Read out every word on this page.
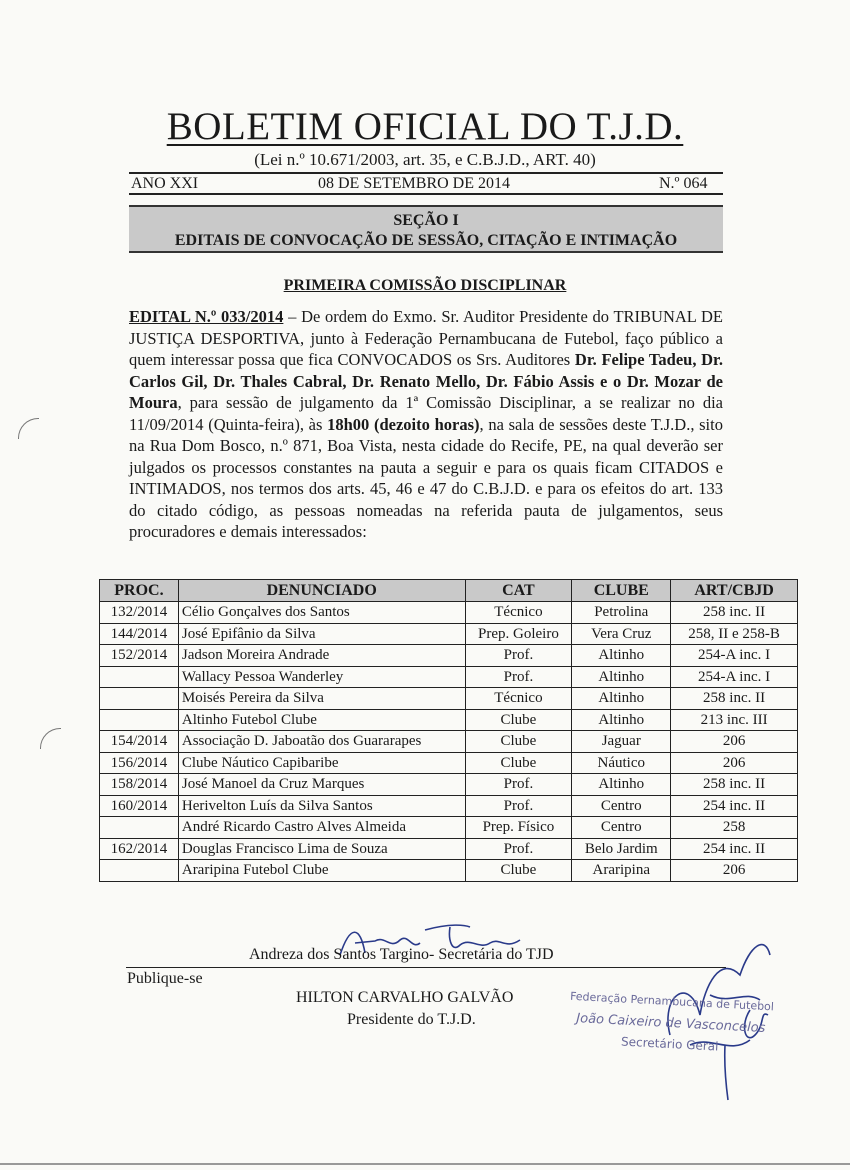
BOLETIM OFICIAL DO T.J.D.
(Lei n.º 10.671/2003, art. 35, e C.B.J.D., ART. 40)
ANO XXI	08 DE SETEMBRO DE 2014	N.º 064
SEÇÃO I
EDITAIS DE CONVOCAÇÃO DE SESSÃO, CITAÇÃO E INTIMAÇÃO
PRIMEIRA COMISSÃO DISCIPLINAR
EDITAL N.º 033/2014 – De ordem do Exmo. Sr. Auditor Presidente do TRIBUNAL DE JUSTIÇA DESPORTIVA, junto à Federação Pernambucana de Futebol, faço público a quem interessar possa que fica CONVOCADOS os Srs. Auditores Dr. Felipe Tadeu, Dr. Carlos Gil, Dr. Thales Cabral, Dr. Renato Mello, Dr. Fábio Assis e o Dr. Mozar de Moura, para sessão de julgamento da 1ª Comissão Disciplinar, a se realizar no dia 11/09/2014 (Quinta-feira), às 18h00 (dezoito horas), na sala de sessões deste T.J.D., sito na Rua Dom Bosco, n.º 871, Boa Vista, nesta cidade do Recife, PE, na qual deverão ser julgados os processos constantes na pauta a seguir e para os quais ficam CITADOS e INTIMADOS, nos termos dos arts. 45, 46 e 47 do C.B.J.D. e para os efeitos do art. 133 do citado código, as pessoas nomeadas na referida pauta de julgamentos, seus procuradores e demais interessados:
PROC.	DENUNCIADO	CAT	CLUBE	ART/CBJD
132/2014	Célio Gonçalves dos Santos	Técnico	Petrolina	258 inc. II
144/2014	José Epifânio da Silva	Prep. Goleiro	Vera Cruz	258, II e 258-B
152/2014	Jadson Moreira Andrade	Prof.	Altinho	254-A inc. I
	Wallacy Pessoa Wanderley	Prof.	Altinho	254-A inc. I
	Moisés Pereira da Silva	Técnico	Altinho	258 inc. II
	Altinho Futebol Clube	Clube	Altinho	213 inc. III
154/2014	Associação D. Jaboatão dos Guararapes	Clube	Jaguar	206
156/2014	Clube Náutico Capibaribe	Clube	Náutico	206
158/2014	José Manoel da Cruz Marques	Prof.	Altinho	258 inc. II
160/2014	Herivelton Luís da Silva Santos	Prof.	Centro	254 inc. II
	André Ricardo Castro Alves Almeida	Prep. Físico	Centro	258
162/2014	Douglas Francisco Lima de Souza	Prof.	Belo Jardim	254 inc. II
	Araripina Futebol Clube	Clube	Araripina	206
Andreza dos Santos Targino- Secretária do TJD
Publique-se
HILTON CARVALHO GALVÃO
Presidente do T.J.D.
Federação Pernambucana de Futebol
João Caixeiro de Vasconcelos
Secretário Geral
